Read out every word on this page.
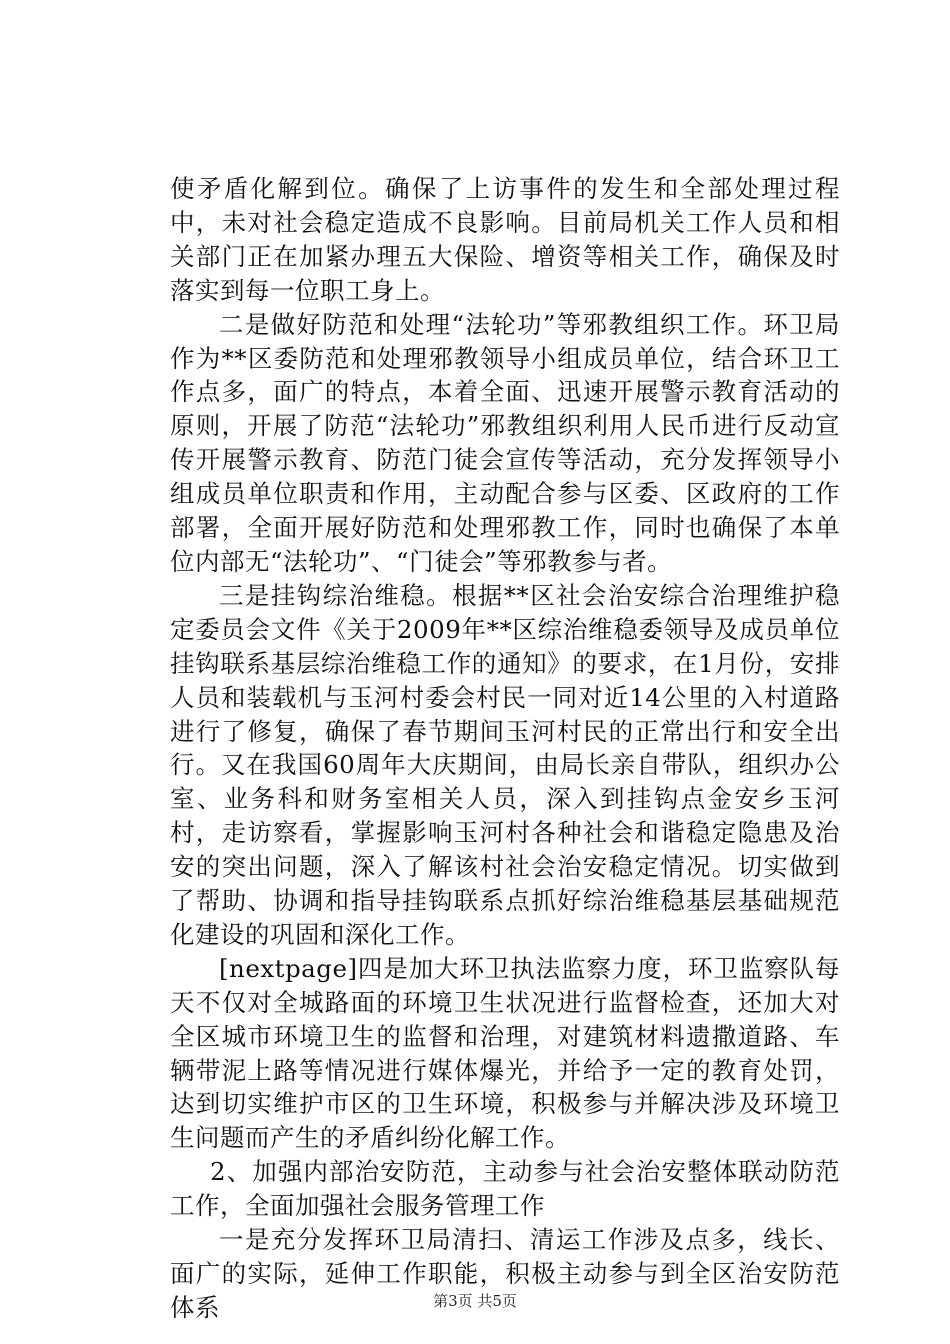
使矛盾化解到位。确保了上访事件的发生和全部处理过程中，未对社会稳定造成不良影响。目前局机关工作人员和相关部门正在加紧办理五大保险、增资等相关工作，确保及时落实到每一位职工身上。

二是做好防范和处理“法轮功”等邪教组织工作。环卫局作为**区委防范和处理邪教领导小组成员单位，结合环卫工作点多，面广的特点，本着全面、迅速开展警示教育活动的原则，开展了防范“法轮功”邪教组织利用人民币进行反动宣传开展警示教育、防范门徒会宣传等活动，充分发挥领导小组成员单位职责和作用，主动配合参与区委、区政府的工作部署，全面开展好防范和处理邪教工作，同时也确保了本单位内部无“法轮功”、“门徒会”等邪教参与者。

三是挂钩综治维稳。根据**区社会治安综合治理维护稳定委员会文件《关于2009年**区综治维稳委领导及成员单位挂钩联系基层综治维稳工作的通知》的要求，在1月份，安排人员和装载机与玉河村委会村民一同对近14公里的入村道路进行了修复，确保了春节期间玉河村民的正常出行和安全出行。又在我国60周年大庆期间，由局长亲自带队，组织办公室、业务科和财务室相关人员，深入到挂钩点金安乡玉河村，走访察看，掌握影响玉河村各种社会和谐稳定隐患及治安的突出问题，深入了解该村社会治安稳定情况。切实做到了帮助、协调和指导挂钩联系点抓好综治维稳基层基础规范化建设的巩固和深化工作。

[nextpage]四是加大环卫执法监察力度，环卫监察队每天不仅对全城路面的环境卫生状况进行监督检查，还加大对全区城市环境卫生的监督和治理，对建筑材料遗撒道路、车辆带泥上路等情况进行媒体爆光，并给予一定的教育处罚，达到切实维护市区的卫生环境，积极参与并解决涉及环境卫生问题而产生的矛盾纠纷化解工作。

2、加强内部治安防范，主动参与社会治安整体联动防范工作，全面加强社会服务管理工作

一是充分发挥环卫局清扫、清运工作涉及点多，线长、面广的实际，延伸工作职能，积极主动参与到全区治安防范体系	第3页 共5页
